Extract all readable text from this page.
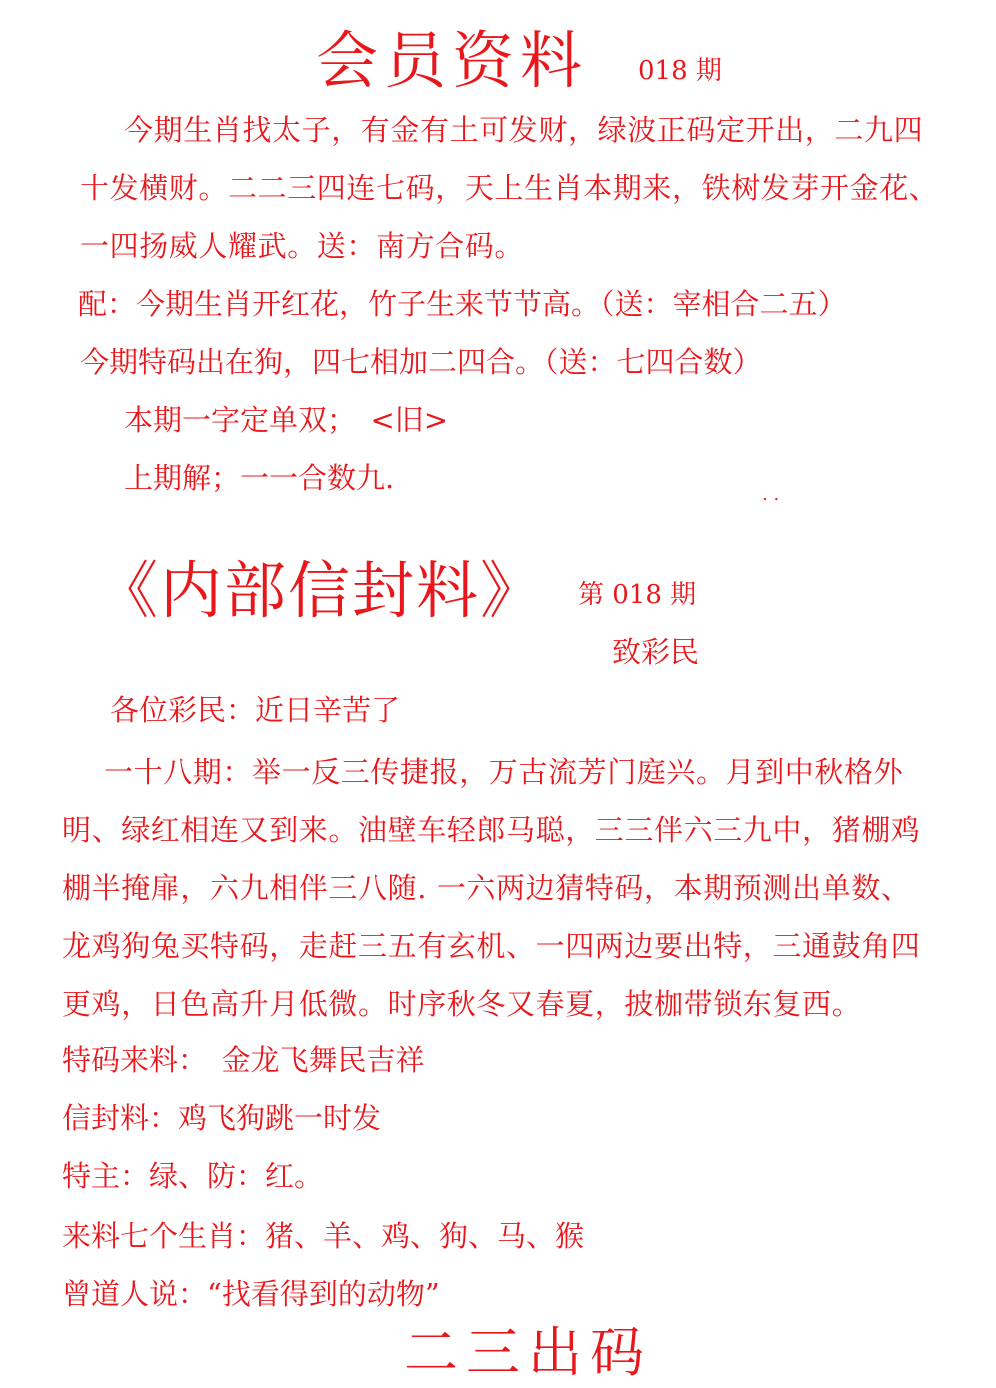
会员资料 018 期
今期生肖找太子，有金有土可发财，绿波正码定开出，二九四
十发横财。二二三四连七码，天上生肖本期来，铁树发芽开金花、
一四扬威人耀武。送：南方合码。
配：今期生肖开红花，竹子生来节节高。（送：宰相合二五）
今期特码出在狗，四七相加二四合。（送：七四合数）
本期一字定单双；　<旧>
上期解；一一合数九.	. .
《内部信封料》 第 018 期
致彩民
各位彩民：近日辛苦了
一十八期：举一反三传捷报，万古流芳门庭兴。月到中秋格外
明、绿红相连又到来。油壁车轻郎马聪，三三伴六三九中，猪棚鸡
棚半掩扉，六九相伴三八随. 一六两边猜特码，本期预测出单数、
龙鸡狗兔买特码，走赶三五有玄机、一四两边要出特，三通鼓角四
更鸡，日色高升月低微。时序秋冬又春夏，披枷带锁东复西。
特码来料：　金龙飞舞民吉祥
信封料：鸡飞狗跳一时发
特主：绿、防：红。
来料七个生肖：猪、羊、鸡、狗、马、猴
曾道人说：“找看得到的动物”
二三出码
